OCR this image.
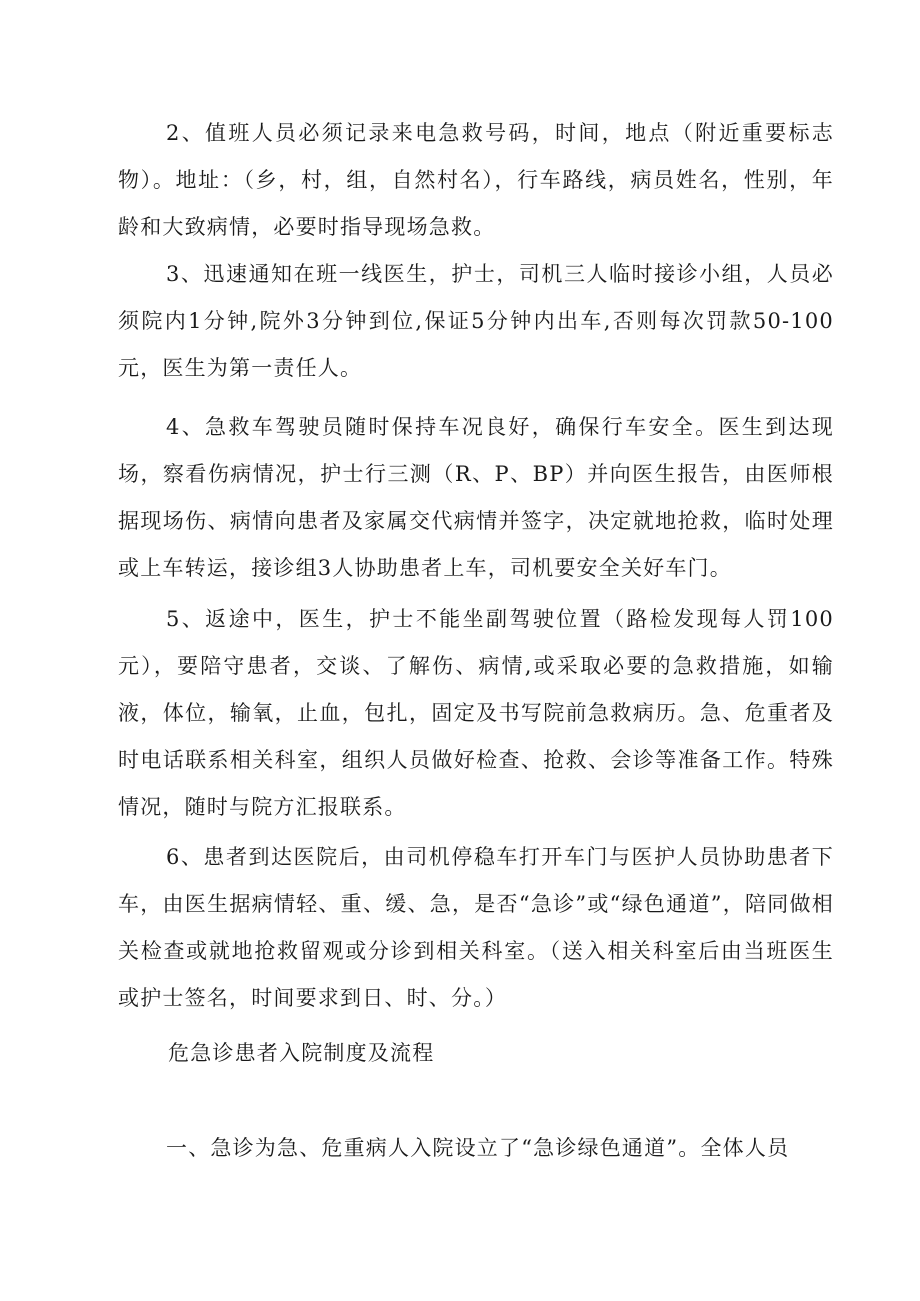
2、值班人员必须记录来电急救号码，时间，地点（附近重要标志物）。地址：（乡，村，组，自然村名），行车路线，病员姓名，性别，年龄和大致病情，必要时指导现场急救。

3、迅速通知在班一线医生，护士，司机三人临时接诊小组，人员必须院内1分钟,院外3分钟到位,保证5分钟内出车,否则每次罚款50-100元，医生为第一责任人。

4、急救车驾驶员随时保持车况良好，确保行车安全。医生到达现场，察看伤病情况，护士行三测（R、P、BP）并向医生报告，由医师根据现场伤、病情向患者及家属交代病情并签字，决定就地抢救，临时处理或上车转运，接诊组3人协助患者上车，司机要安全关好车门。

5、返途中，医生，护士不能坐副驾驶位置（路检发现每人罚100元），要陪守患者，交谈、了解伤、病情,或采取必要的急救措施，如输液，体位，输氧，止血，包扎，固定及书写院前急救病历。急、危重者及时电话联系相关科室，组织人员做好检查、抢救、会诊等准备工作。特殊情况，随时与院方汇报联系。

6、患者到达医院后，由司机停稳车打开车门与医护人员协助患者下车，由医生据病情轻、重、缓、急，是否“急诊”或“绿色通道”，陪同做相关检查或就地抢救留观或分诊到相关科室。（送入相关科室后由当班医生或护士签名，时间要求到日、时、分。）

危急诊患者入院制度及流程

一、急诊为急、危重病人入院设立了“急诊绿色通道”。全体人员
